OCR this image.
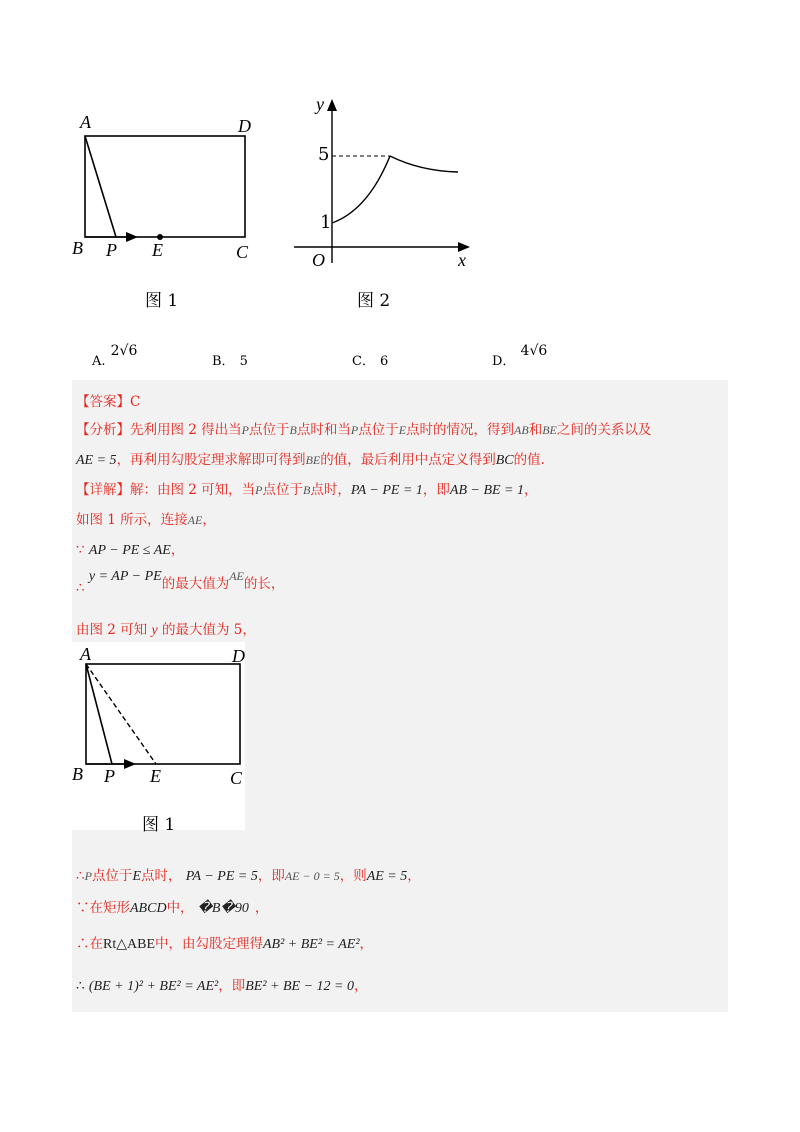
A	D
B P E	C
图 1
y
5
1
O	x
图 2
$_{A.}$ 2√6
B． 5	C． 6	$_{D.}$ 4√6
【答案】C
【分析】先利用图 2 得出当P点位于B点时和当P点位于E点时的情况，得到AB和BE之间的关系以及
AE = 5，再利用勾股定理求解即可得到BE的值，最后利用中点定义得到BC的值.
【详解】解：由图 2 可知，当P点位于B点时，PA − PE = 1，即AB − BE = 1，
如图 1 所示，连接AE，
∵ AP − PE ≤ AE，
∴ y = AP − PE的最大值为AE的长，
由图 2 可知 y 的最大值为 5，
A	D
B P E	C
图 1
∴P点位于E点时， PA − PE = 5，即AE − 0 = 5，则AE = 5，
∵在矩形ABCD中， �B�90 ，
∴在Rt△ABE中，由勾股定理得AB² + BE² = AE²，
∴ (BE + 1)² + BE² = AE²，即BE² + BE − 12 = 0，
